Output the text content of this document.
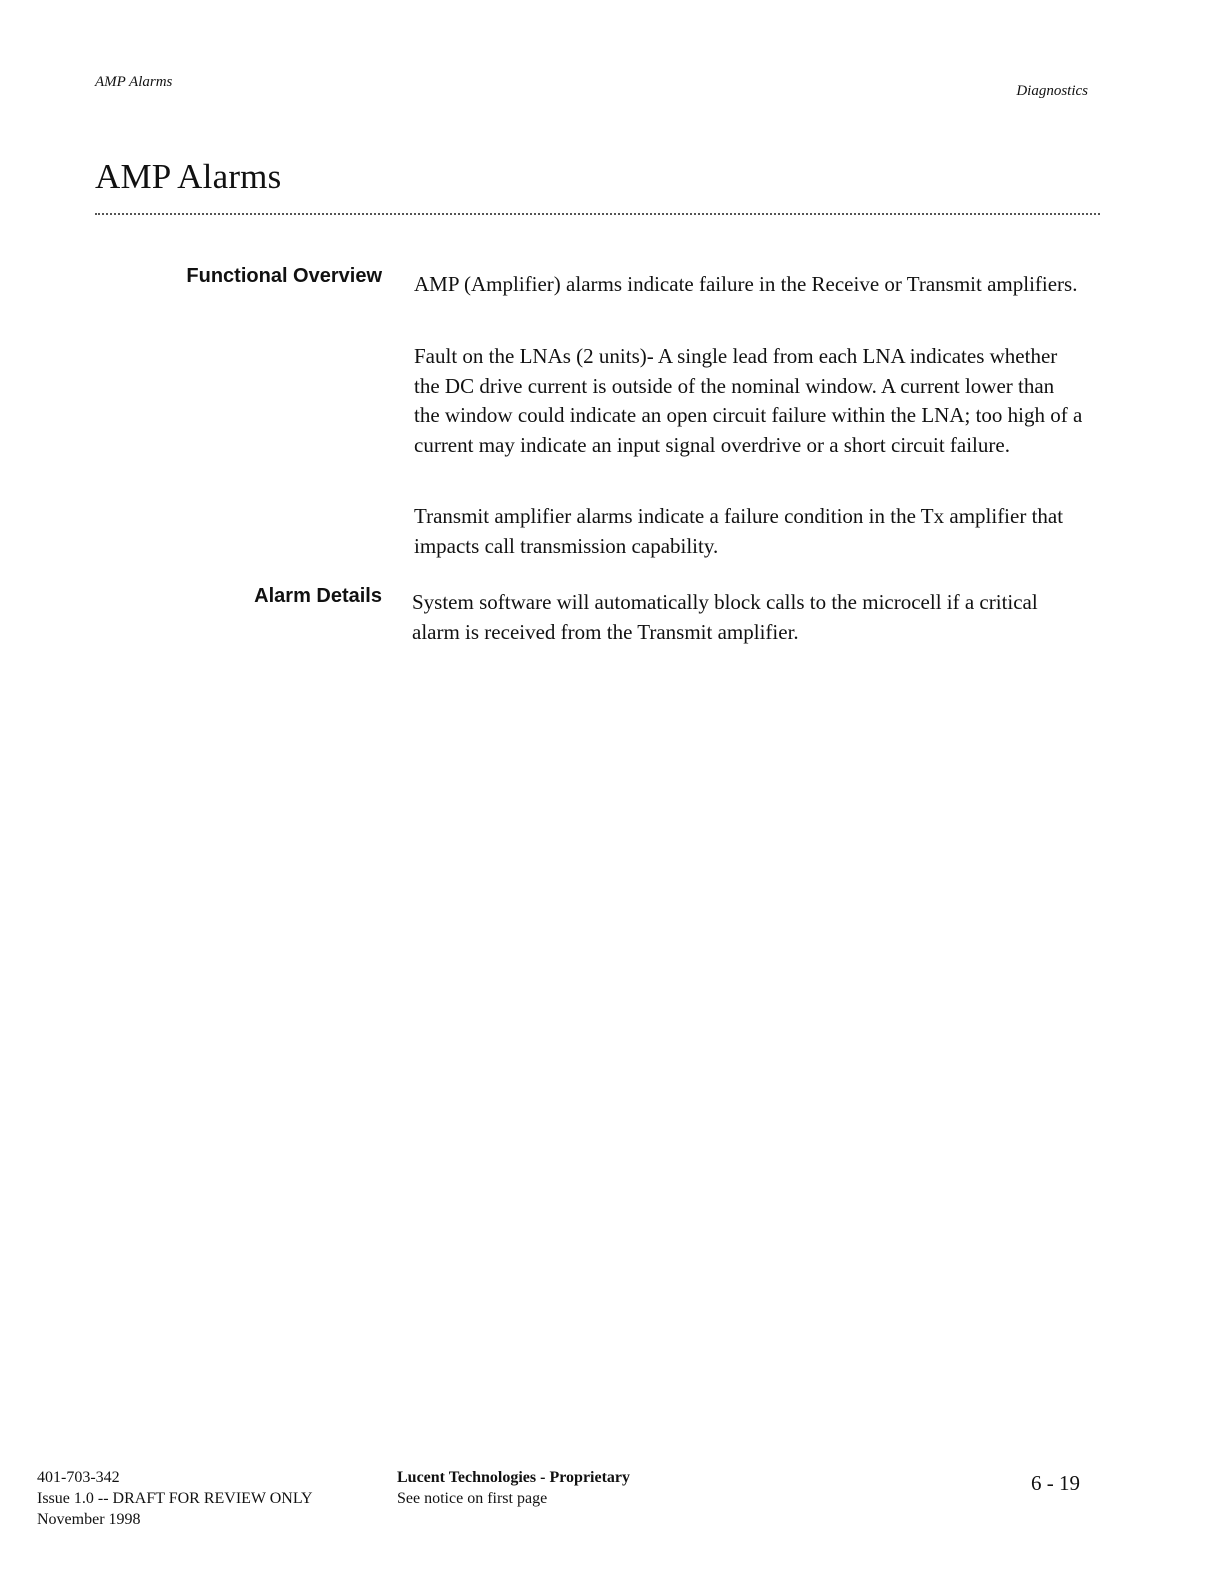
AMP Alarms
Diagnostics
AMP Alarms
Functional Overview AMP (Amplifier) alarms indicate failure in the Receive or Transmit amplifiers.

Fault on the LNAs (2 units)- A single lead from each LNA indicates whether the DC drive current is outside of the nominal window. A current lower than the window could indicate an open circuit failure within the LNA; too high of a current may indicate an input signal overdrive or a short circuit failure.

Transmit amplifier alarms indicate a failure condition in the Tx amplifier that impacts call transmission capability.

Alarm Details System software will automatically block calls to the microcell if a critical alarm is received from the Transmit amplifier.

401-703-342
Issue 1.0 -- DRAFT FOR REVIEW ONLY
November 1998
Lucent Technologies - Proprietary
See notice on first page
6 - 19
